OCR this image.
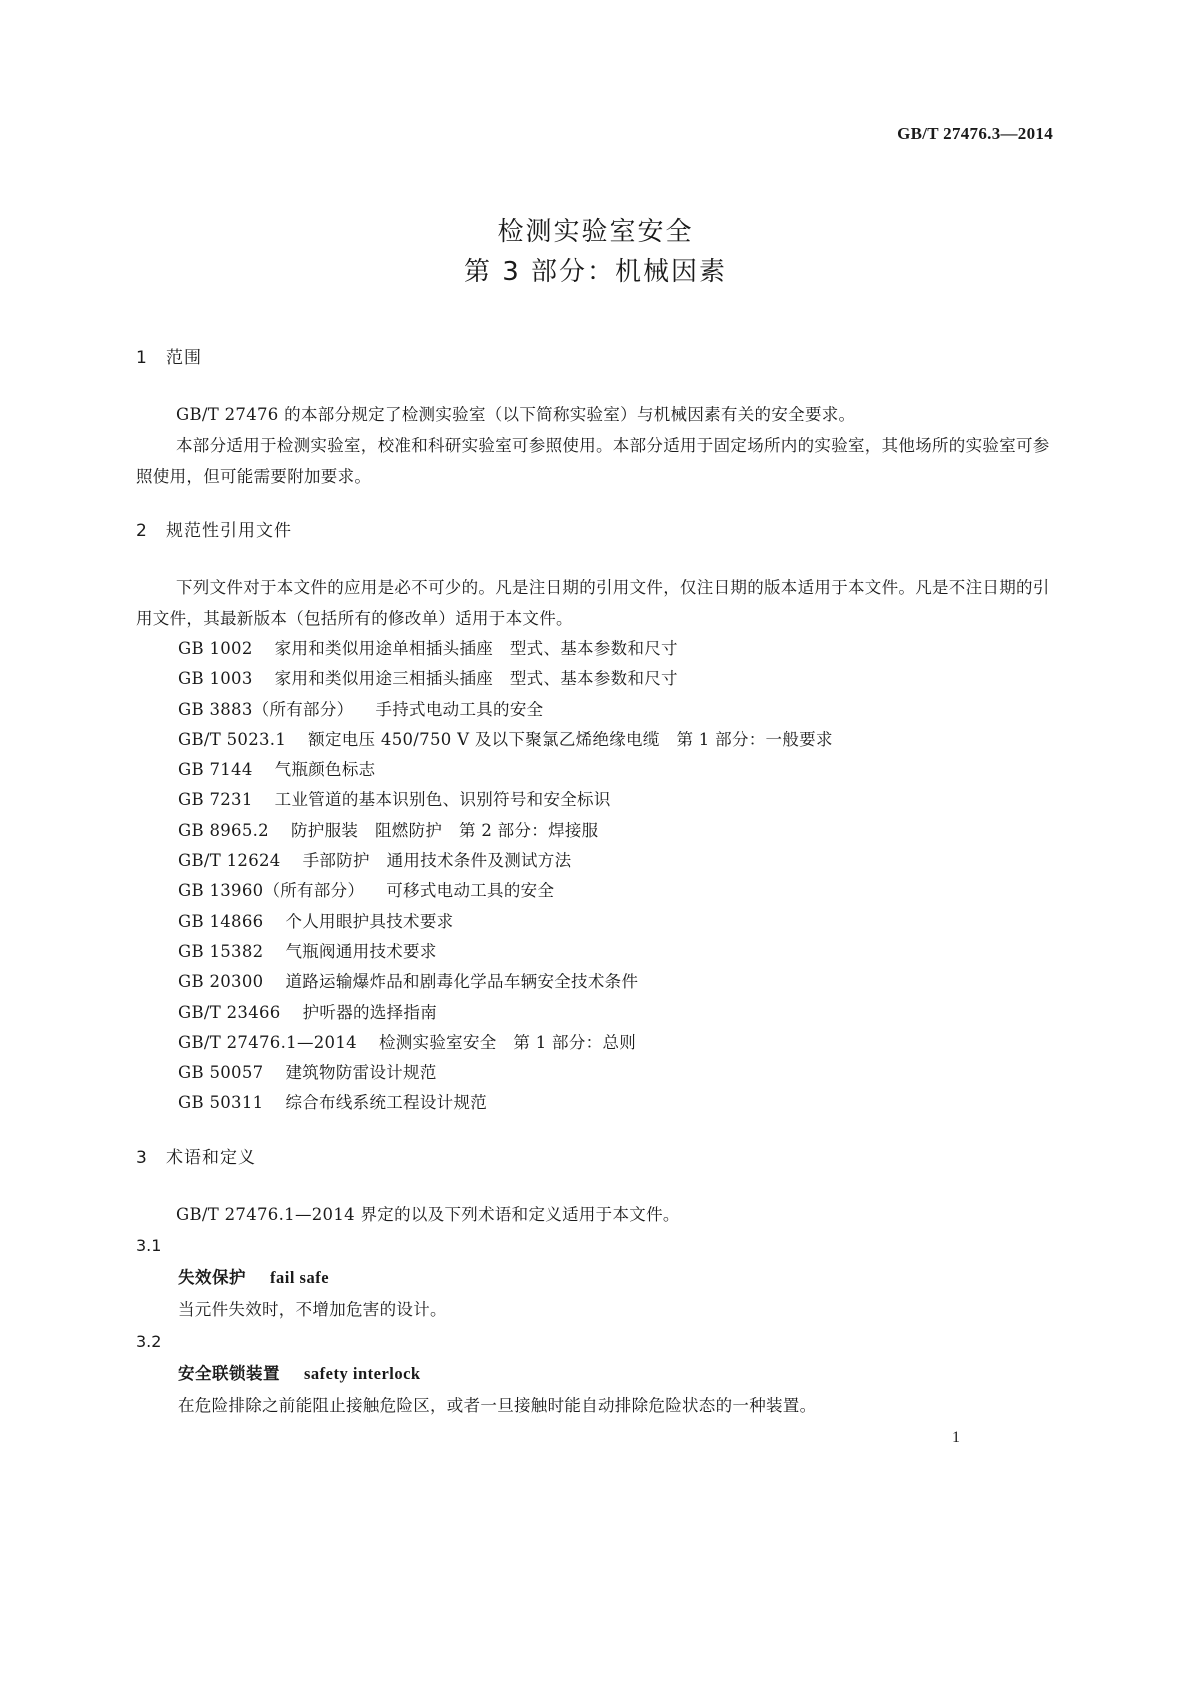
GB/T 27476.3—2014
检测实验室安全
第 3 部分：机械因素
1 范围
GB/T 27476 的本部分规定了检测实验室（以下简称实验室）与机械因素有关的安全要求。
本部分适用于检测实验室，校准和科研实验室可参照使用。本部分适用于固定场所内的实验室，其他场所的实验室可参照使用，但可能需要附加要求。
2 规范性引用文件
下列文件对于本文件的应用是必不可少的。凡是注日期的引用文件，仅注日期的版本适用于本文件。凡是不注日期的引用文件，其最新版本（包括所有的修改单）适用于本文件。
GB 1002 家用和类似用途单相插头插座　型式、基本参数和尺寸
GB 1003 家用和类似用途三相插头插座　型式、基本参数和尺寸
GB 3883（所有部分） 手持式电动工具的安全
GB/T 5023.1 额定电压 450/750 V 及以下聚氯乙烯绝缘电缆　第 1 部分：一般要求
GB 7144 气瓶颜色标志
GB 7231 工业管道的基本识别色、识别符号和安全标识
GB 8965.2 防护服装　阻燃防护　第 2 部分：焊接服
GB/T 12624 手部防护　通用技术条件及测试方法
GB 13960（所有部分） 可移式电动工具的安全
GB 14866 个人用眼护具技术要求
GB 15382 气瓶阀通用技术要求
GB 20300 道路运输爆炸品和剧毒化学品车辆安全技术条件
GB/T 23466 护听器的选择指南
GB/T 27476.1—2014 检测实验室安全　第 1 部分：总则
GB 50057 建筑物防雷设计规范
GB 50311 综合布线系统工程设计规范
3 术语和定义
GB/T 27476.1—2014 界定的以及下列术语和定义适用于本文件。
3.1
失效保护 fail safe
当元件失效时，不增加危害的设计。
3.2
安全联锁装置 safety interlock
在危险排除之前能阻止接触危险区，或者一旦接触时能自动排除危险状态的一种装置。
1
